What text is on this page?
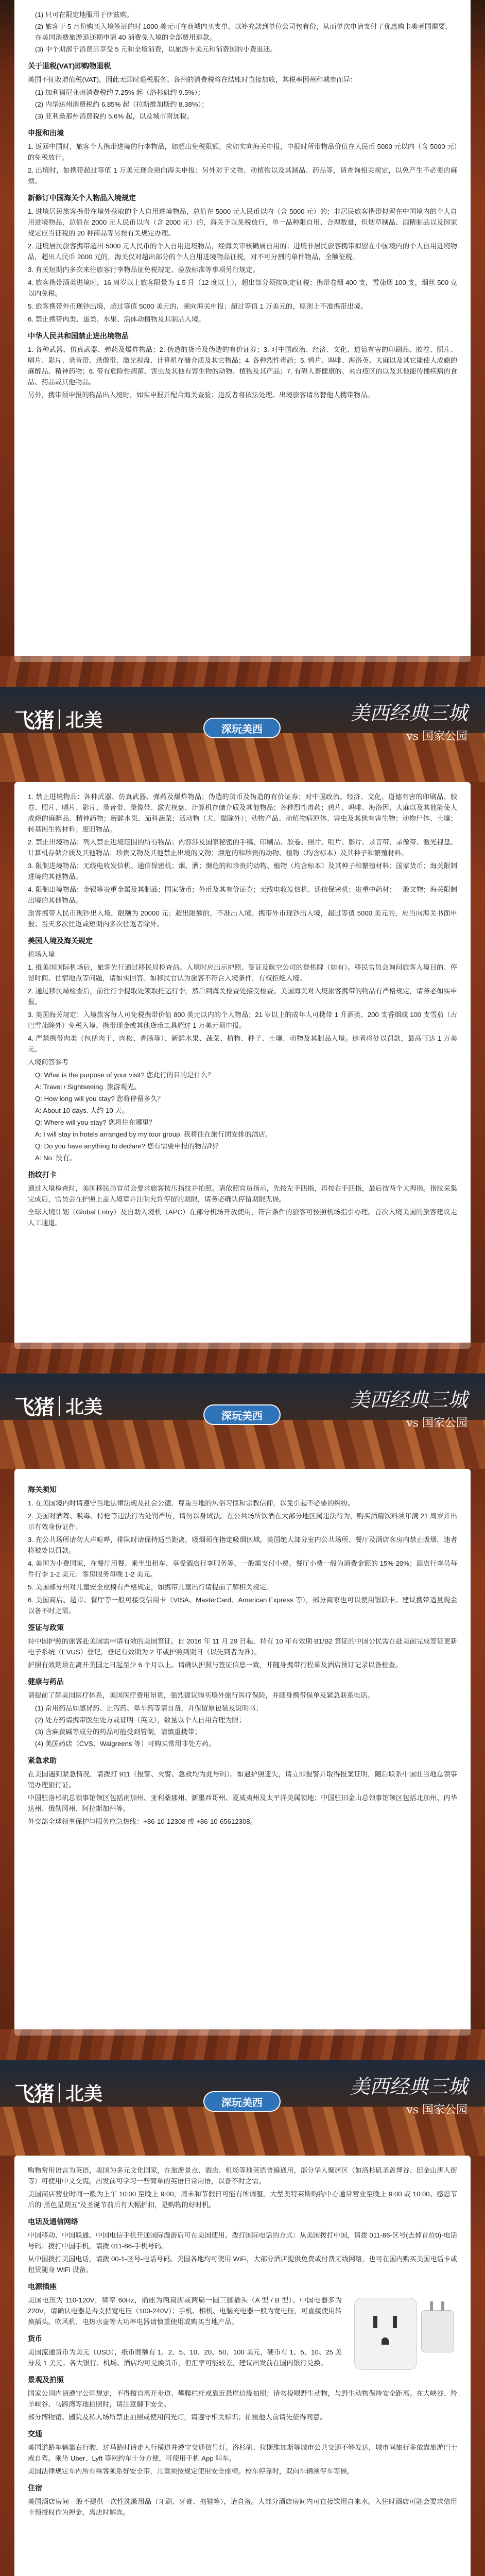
(1) 只可在限定地服用于伊兹购。
(2) 旅客于 5 月份购买入境签证的时 1000 美元可在商城内买支单、以补充款到单位公司包有份，从而单次申请支付了优惠购卡美者国需要，在美国消费旅游退还期申请 40 消费免入境的全部费用退款。
(3) 中个期部于消费后享受 5 元和全境消费，以旅游卡美元和消费国的小费退还。
关于退税(VAT)即购物退税
美国不征收增值税(VAT)，因此无即时退税服务。各州的消费税将在结账时直接加收，其税率因州和城市而异：
(1) 加利福尼亚州消费税约 7.25% 起（洛杉矶约 9.5%）；
(2) 内华达州消费税约 6.85% 起（拉斯维加斯约 8.38%）；
(3) 亚利桑那州消费税约 5.6% 起，以及城市附加税。
申报和出境
1. 返回中国时，旅客个人携带进境的行李物品，如超出免税限额，应如实向海关申报，申报时所带物品价值在人民币 5000 元以内（含 5000 元）的免税放行。
2. 出境时，如携带超过等值 1 万美元现金须向海关申报；另外对于文物、动植物以及其制品、药品等，请查询相关规定，以免产生不必要的麻烦。
新修订中国海关个人物品入境规定
1. 进境居民旅客携带在境外获取的个人自用进境物品，总值在 5000 元人民币以内（含 5000 元）的；非居民旅客携带拟留在中国境内的个人自用进境物品，总值在 2000 元人民币以内（含 2000 元）的，海关予以免税放行，单一品种限自用、合理数量，但烟草制品、酒精制品以及国家规定应当征税的 20 种商品等另按有关规定办理。
2. 进境居民旅客携带超出 5000 元人民币的个人自用进境物品，经海关审核确属自用的；进境非居民旅客携带拟留在中国境内的个人自用进境物品，超出人民币 2000 元的，海关仅对超出部分的个人自用进境物品征税，对不可分割的单件物品，全额征税。
3. 有关短期内多次来往旅客行李物品征免税规定、验放标准等事项另行规定。
4. 旅客携带酒类进境时，16 周岁以上旅客限量为 1.5 升（12 度以上），超出部分须按规定征税；携带卷烟 400 支，雪茄烟 100 支，烟丝 500 克以内免税。
5. 旅客携带外币现钞出境，超过等值 5000 美元的，须向海关申报；超过等值 1 万美元的，原则上不准携带出境。
6. 禁止携带肉类、蛋类、水果、活体动植物及其制品入境。
中华人民共和国禁止进出境物品
1. 各种武器、仿真武器、弹药及爆炸物品；2. 伪造的货币及伪造的有价证券；3. 对中国政治、经济、文化、道德有害的印刷品、胶卷、照片、唱片、影片、录音带、录像带、激光视盘、计算机存储介质及其它物品；4. 各种烈性毒药；5. 鸦片、吗啡、海洛英、大麻以及其它能使人成瘾的麻醉品、精神药物；6. 带有危险性病菌、害虫及其他有害生物的动物、植物及其产品；7. 有碍人畜健康的、来自疫区的以及其他能传播疾病的食品、药品或其他物品。
另外，携带须申报的物品出入境时，如实申报并配合海关查验；违反者将依法处理。出境旅客请勿替他人携带物品。
飞猪 北美	深玩美西
美西经典三城
vs 国家公园
1. 禁止进境物品：各种武器、仿真武器、弹药及爆炸物品；伪造的货币及伪造的有价证券；对中国政治、经济、文化、道德有害的印刷品、胶卷、照片、唱片、影片、录音带、录像带、激光视盘、计算机存储介质及其他物品；各种烈性毒药；鸦片、吗啡、海洛因、大麻以及其他能使人成瘾的麻醉品、精神药物；新鲜水果、茄科蔬菜；活动物（犬、猫除外）；动物产品、动植物病原体、害虫及其他有害生物；动物尸体、土壤；转基因生物材料；废旧物品。
2. 禁止出境物品：列入禁止进境范围的所有物品；内容涉及国家秘密的手稿、印刷品、胶卷、照片、唱片、影片、录音带、录像带、激光视盘、计算机存储介质及其他物品；珍贵文物及其他禁止出境的文物；濒危的和珍贵的动物、植物（均含标本）及其种子和繁殖材料。
3. 限制进境物品：无线电收发信机、通信保密机；烟、酒；濒危的和珍贵的动物、植物（均含标本）及其种子和繁殖材料；国家货币；海关限制进境的其他物品。
4. 限制出境物品：金银等贵重金属及其制品；国家货币；外币及其有价证券；无线电收发信机、通信保密机；贵重中药材；一般文物；海关限制出境的其他物品。
旅客携带人民币现钞出入境，限额为 20000 元；超出限额的，不准出入境。携带外币现钞出入境，超过等值 5000 美元的，应当向海关书面申报；当天多次往返或短期内多次往返者除外。
美国人境及海关规定
机场入境
1. 抵美国国际机场后，旅客先行通过移民局检查站。入境时应出示护照、签证及航空公司的登机牌（如有）。移民官员会询问旅客入境目的、停留时间、住宿地点等问题，请如实回答。如移民官认为旅客不符合入境条件，有权拒绝入境。
2. 通过移民局检查后，前往行李提取处领取托运行李，然后到海关检查处接受检查。美国海关对入境旅客携带的物品有严格规定，请务必如实申报。
3. 美国海关规定：入境旅客每人可免税携带价值 800 美元以内的个人物品；21 岁以上的成年人可携带 1 升酒类、200 支香烟或 100 支雪茄（古巴雪茄除外）免税入境。携带现金或其他货币工具超过 1 万美元须申报。
4. 严禁携带肉类（包括肉干、肉松、香肠等）、新鲜水果、蔬菜、植物、种子、土壤、动物及其制品入境。违者将处以罚款，最高可达 1 万美元。
入境问答参考
Q: What is the purpose of your visit? 您此行的目的是什么？
A: Travel / Sightseeing. 旅游观光。
Q: How long will you stay? 您将停留多久？
A: About 10 days. 大约 10 天。
Q: Where will you stay? 您将住在哪里？
A: I will stay in hotels arranged by my tour group. 我将住在旅行团安排的酒店。
Q: Do you have anything to declare? 您有需要申报的物品吗？
A: No. 没有。
指纹打卡
通过入境检查时，美国移民局官员会要求旅客按压指纹并拍照。请依照官员指示，先按左手四指，再按右手四指，最后按两个大拇指。指纹采集完成后，官员会在护照上盖入境章并注明允许停留的期限，请务必确认停留期限无误。
全球入境计划（Global Entry）及自助入境机（APC）在部分机场开放使用，符合条件的旅客可按照机场指引办理。首次入境美国的旅客建议走人工通道。
飞猪 北美	深玩美西
美西经典三城
vs 国家公园
海关须知
1. 在美国境内时请遵守当地法律法规及社会公德，尊重当地的风俗习惯和宗教信仰，以免引起不必要的纠纷。
2. 美国对酒驾、吸毒、持枪等违法行为处罚严厉，请勿以身试法。在公共场所饮酒在大部分地区属违法行为，购买酒精饮料须年满 21 周岁并出示有效身份证件。
3. 在公共场所请勿大声喧哗，排队时请保持适当距离，吸烟须在指定吸烟区域。美国绝大部分室内公共场所、餐厅及酒店客房内禁止吸烟，违者将被处以罚款。
4. 美国为小费国家，在餐厅用餐、乘坐出租车、享受酒店行李服务等，一般需支付小费。餐厅小费一般为消费金额的 15%-20%；酒店行李员每件行李 1-2 美元；客房服务每晚 1-2 美元。
5. 美国部分州对儿童安全座椅有严格规定，如携带儿童出行请提前了解相关规定。
6. 美国商店、超市、餐厅等一般可接受信用卡（VISA、MasterCard、American Express 等），部分商家也可以使用银联卡。建议携带适量现金以备不时之需。
签证与政策
持中国护照的旅客赴美国需申请有效的美国签证。自 2016 年 11 月 29 日起，持有 10 年有效期 B1/B2 签证的中国公民需在赴美前完成签证更新电子系统（EVUS）登记，登记有效期为 2 年或护照到期日（以先到者为准）。
护照有效期须在离开美国之日起至少 6 个月以上。请确认护照与签证信息一致，并随身携带行程单及酒店预订记录以备检查。
健康与药品
请提前了解美国医疗体系，美国医疗费用昂贵，强烈建议购买境外旅行医疗保险，并随身携带保单及紧急联系电话。
(1) 常用药品如感冒药、止泻药、晕车药等请自备，并保留原包装及说明书；
(2) 处方药请携带医生处方或证明（英文），数量以个人自用合理为限；
(3) 含麻黄碱等成分的药品可能受到管制，请慎重携带；
(4) 美国药店（CVS、Walgreens 等）可购买常用非处方药。
紧急求助
在美国遇到紧急情况，请拨打 911（报警、火警、急救均为此号码）。如遇护照遗失，请立即报警并取得报案证明，随后联系中国驻当地总领事馆办理旅行证。
中国驻洛杉矶总领事馆领区包括南加州、亚利桑那州、新墨西哥州、夏威夷州及太平洋美属领地；中国驻旧金山总领事馆领区包括北加州、内华达州、俄勒冈州、阿拉斯加州等。
外交部全球领事保护与服务应急热线：+86-10-12308 或 +86-10-65612308。
飞猪 北美	深玩美西
美西经典三城
vs 国家公园
购物常用语言为英语，美国为多元文化国家，在旅游景点、酒店、机场等地英语普遍通用，部分华人聚居区（如洛杉矶圣盖博谷、旧金山唐人街等）可使用中文交流。出发前可学习一些简单的英语日常用语，以备不时之需。
美国商店营业时间一般为上午 10:00 至晚上 9:00，周末和节假日可能有所调整。大型奥特莱斯购物中心通常营业至晚上 9:00 或 10:00。感恩节后的“黑色星期五”及圣诞节前后有大幅折扣，是购物的好时机。
电话及通信网络
中国移动、中国联通、中国电信手机开通国际漫游后可在美国使用。拨打国际电话的方式：从美国拨打中国，请拨 011-86-区号(去掉首位0)-电话号码；拨打中国手机，请拨 011-86-手机号码。
从中国拨打美国电话，请拨 00-1-区号-电话号码。美国各地均可使用 WiFi，大部分酒店提供免费或付费无线网络，也可在国内购买美国电话卡或租赁随身 WiFi 设备。
电源插座
美国电压为 110-120V，频率 60Hz，插座为两扁脚或两扁一圆三脚插头（A 型 / B 型）。中国电器多为 220V，请确认电器是否支持宽电压（100-240V）；手机、相机、电脑充电器一般为宽电压，可直接使用转换插头。吹风机、电热水壶等大功率电器请慎重使用或购买当地产品。
货币
美国流通货币为美元（USD），纸币面额有 1、2、5、10、20、50、100 美元，硬币有 1、5、10、25 美分及 1 美元。各大银行、机场、酒店均可兑换货币，但汇率可能较差，建议出发前在国内银行兑换。
景观及拍照
国家公园内请遵守公园规定，不得擅自离开步道、攀爬栏杆或靠近悬崖边缘拍照；请勿投喂野生动物，与野生动物保持安全距离。在大峡谷、羚羊峡谷、马蹄湾等地拍照时，请注意脚下安全。
部分博物馆、剧院及私人场所禁止拍照或使用闪光灯，请遵守相关标识；拍摄他人前请先征得同意。
交通
美国道路车辆靠右行驶，过马路时请走人行横道并遵守交通信号灯。洛杉矶、拉斯维加斯等城市公共交通不够发达，城市间旅行多依靠旅游巴士或自驾。乘坐 Uber、Lyft 等网约车十分方便，可使用手机 App 叫车。
美国法律规定车内所有乘客须系好安全带，儿童须按规定使用安全座椅。校车停靠时，双向车辆须停车等候。
住宿
美国酒店房间一般不提供一次性洗漱用品（牙刷、牙膏、拖鞋等），请自备。大部分酒店房间内可直接饮用自来水。入住时酒店可能会要求信用卡预授权作为押金，离店时解冻。
